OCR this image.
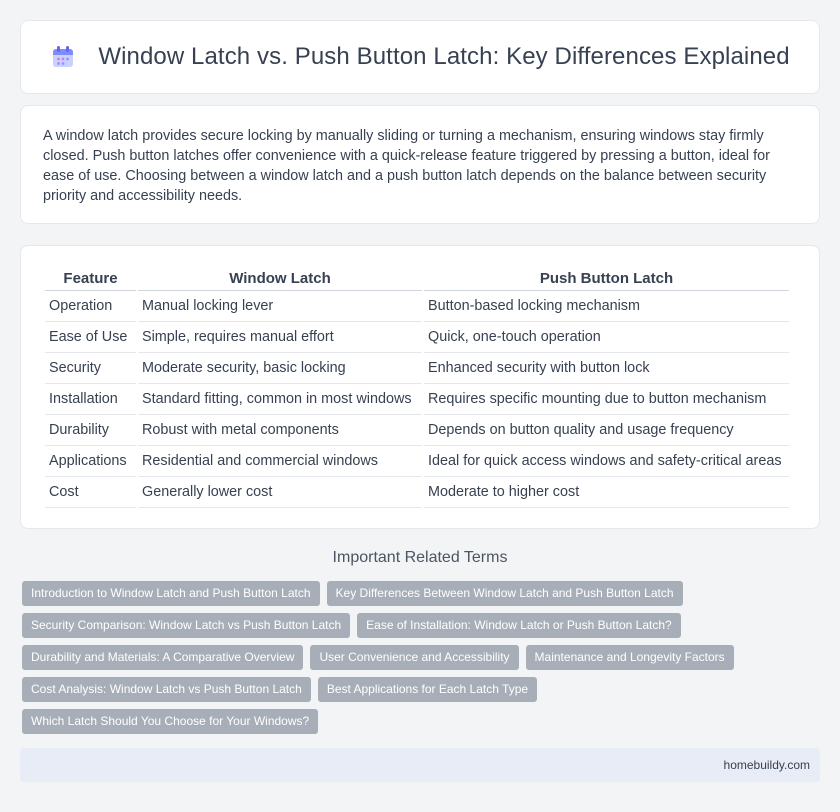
Window Latch vs. Push Button Latch: Key Differences Explained

A window latch provides secure locking by manually sliding or turning a mechanism, ensuring windows stay firmly closed. Push button latches offer convenience with a quick-release feature triggered by pressing a button, ideal for ease of use. Choosing between a window latch and a push button latch depends on the balance between security priority and accessibility needs.

Feature	Window Latch	Push Button Latch
Operation	Manual locking lever	Button-based locking mechanism
Ease of Use	Simple, requires manual effort	Quick, one-touch operation
Security	Moderate security, basic locking	Enhanced security with button lock
Installation	Standard fitting, common in most windows	Requires specific mounting due to button mechanism
Durability	Robust with metal components	Depends on button quality and usage frequency
Applications	Residential and commercial windows	Ideal for quick access windows and safety-critical areas
Cost	Generally lower cost	Moderate to higher cost
Important Related Terms
Introduction to Window Latch and Push Button Latch	Key Differences Between Window Latch and Push Button Latch
Security Comparison: Window Latch vs Push Button Latch	Ease of Installation: Window Latch or Push Button Latch?
Durability and Materials: A Comparative Overview	User Convenience and Accessibility	Maintenance and Longevity Factors
Cost Analysis: Window Latch vs Push Button Latch	Best Applications for Each Latch Type
Which Latch Should You Choose for Your Windows?
homebuildy.com
